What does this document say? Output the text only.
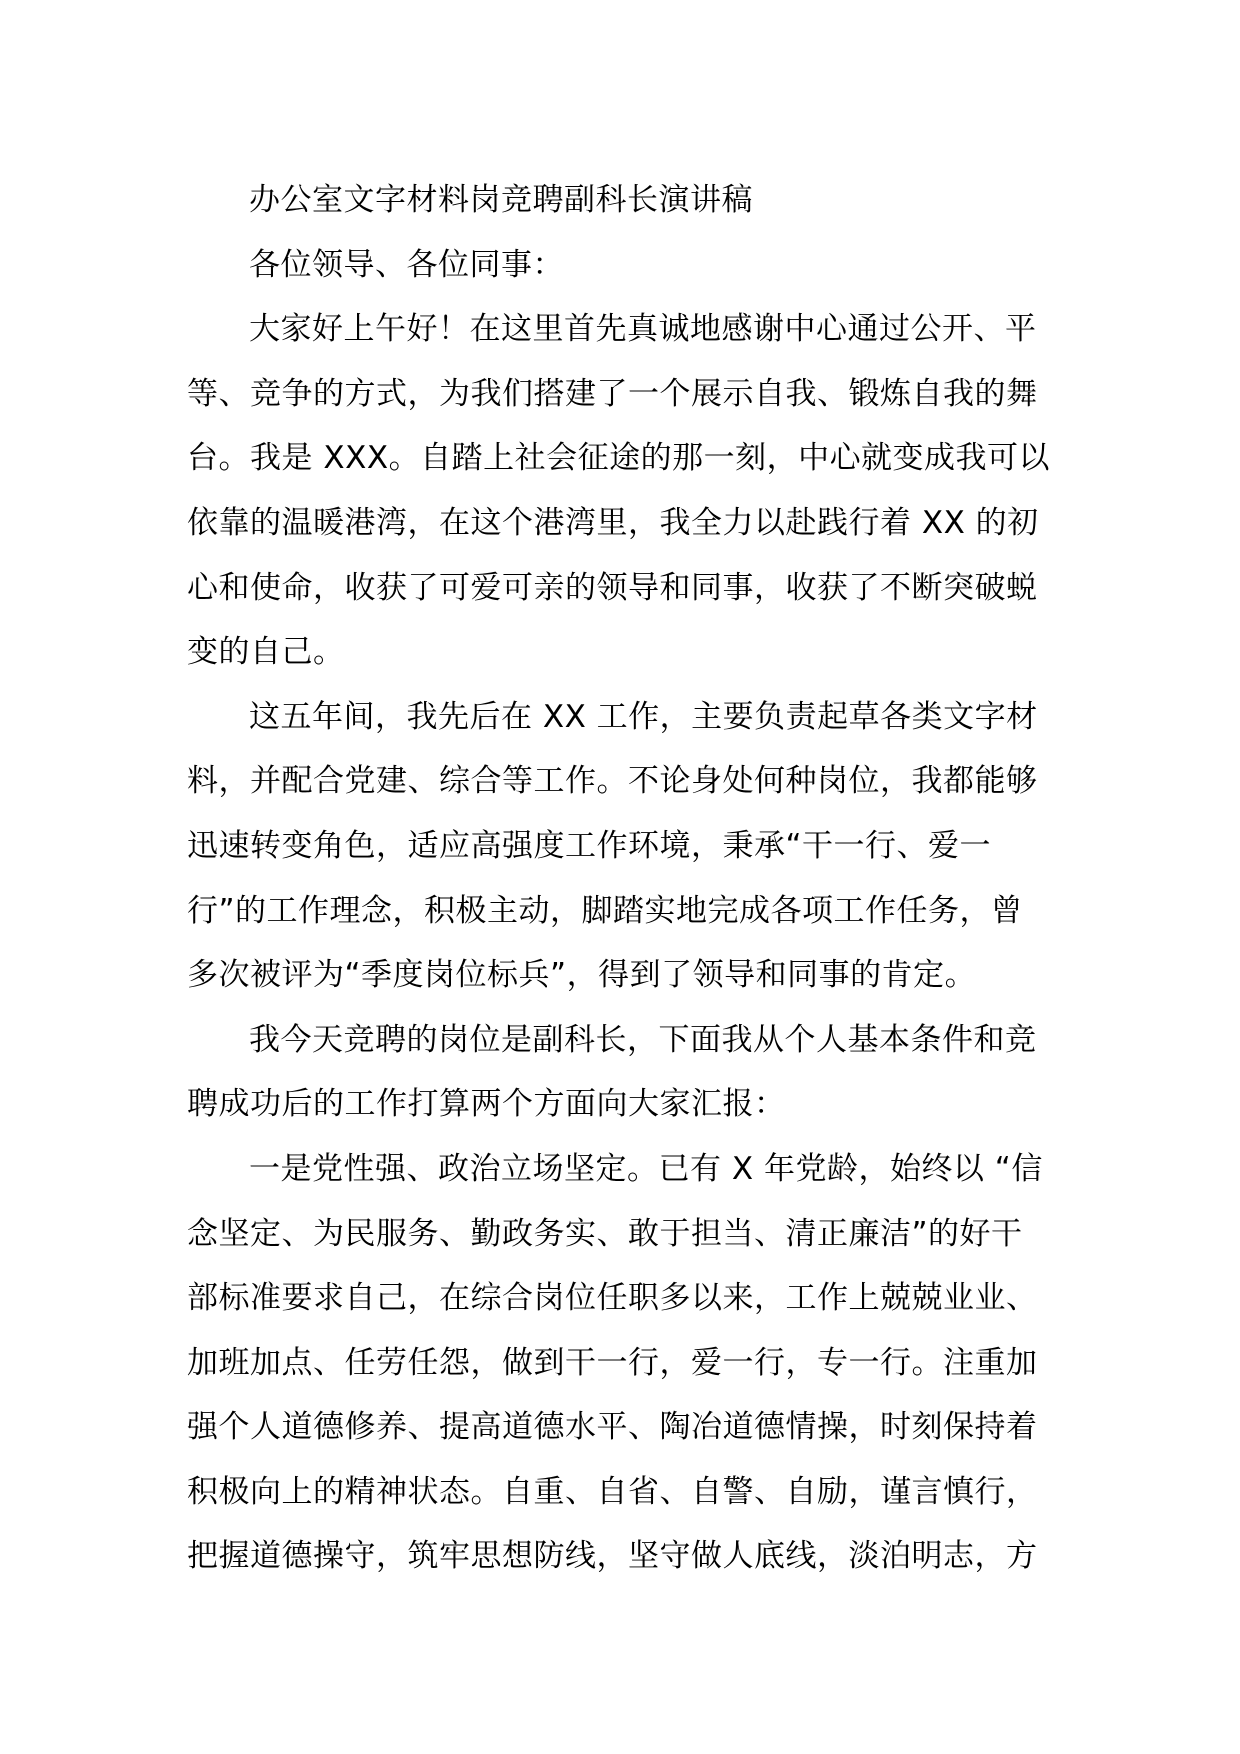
办公室文字材料岗竞聘副科长演讲稿
各位领导、各位同事：
大家好上午好！在这里首先真诚地感谢中心通过公开、平
等、竞争的方式，为我们搭建了一个展示自我、锻炼自我的舞
台。我是 XXX。自踏上社会征途的那一刻，中心就变成我可以
依靠的温暖港湾，在这个港湾里，我全力以赴践行着 XX 的初
心和使命，收获了可爱可亲的领导和同事，收获了不断突破蜕
变的自己。
这五年间，我先后在 XX 工作，主要负责起草各类文字材
料，并配合党建、综合等工作。不论身处何种岗位，我都能够
迅速转变角色，适应高强度工作环境，秉承“干一行、爱一
行”的工作理念，积极主动，脚踏实地完成各项工作任务，曾
多次被评为“季度岗位标兵”，得到了领导和同事的肯定。
我今天竞聘的岗位是副科长，下面我从个人基本条件和竞
聘成功后的工作打算两个方面向大家汇报：
一是党性强、政治立场坚定。已有 X 年党龄，始终以 “信
念坚定、为民服务、勤政务实、敢于担当、清正廉洁”的好干
部标准要求自己，在综合岗位任职多以来，工作上兢兢业业、
加班加点、任劳任怨，做到干一行，爱一行，专一行。注重加
强个人道德修养、提高道德水平、陶冶道德情操，时刻保持着
积极向上的精神状态。自重、自省、自警、自励，谨言慎行，
把握道德操守，筑牢思想防线，坚守做人底线，淡泊明志，方
